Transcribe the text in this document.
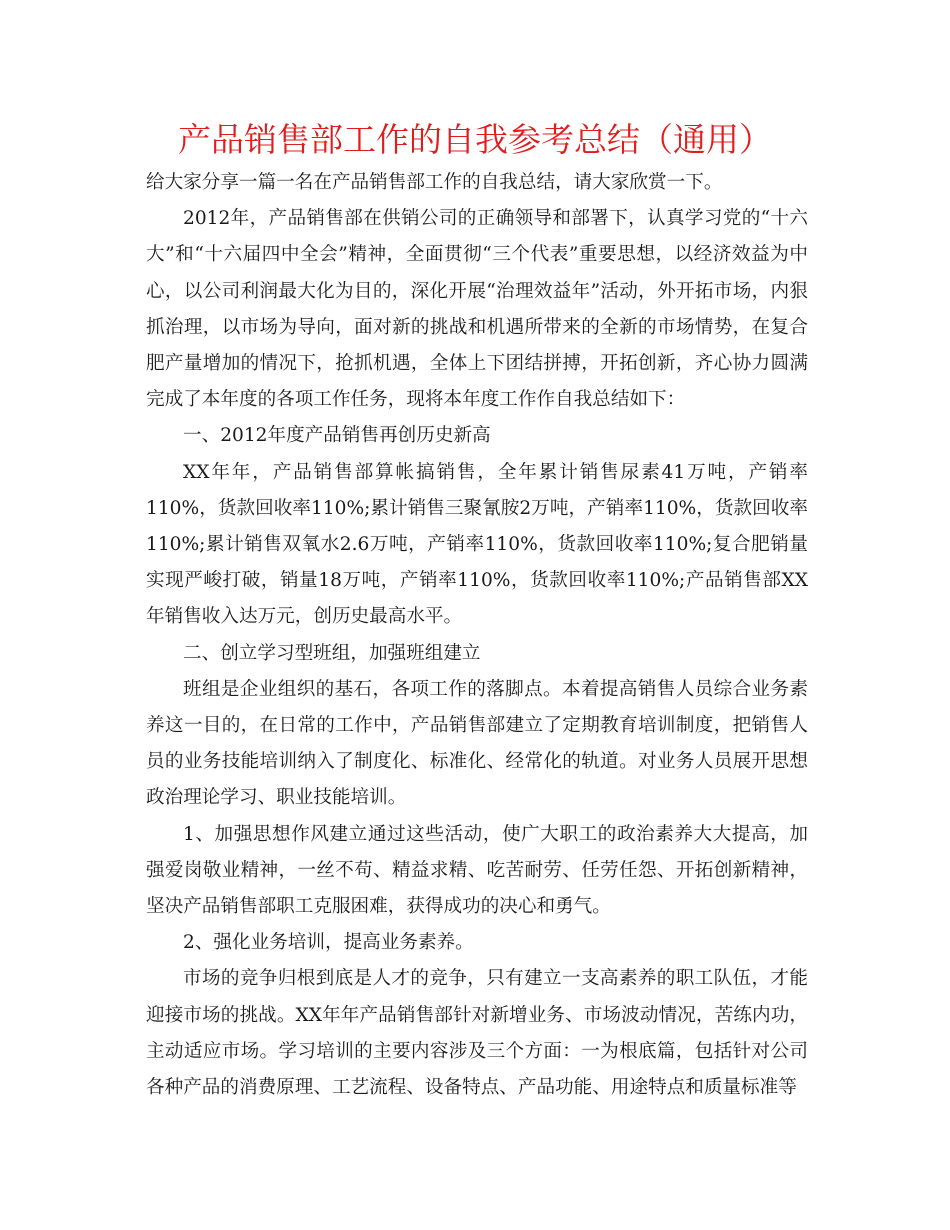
产品销售部工作的自我参考总结（通用）

给大家分享一篇一名在产品销售部工作的自我总结，请大家欣赏一下。

2012年，产品销售部在供销公司的正确领导和部署下，认真学习党的“十六大”和“十六届四中全会”精神，全面贯彻“三个代表”重要思想，以经济效益为中心，以公司利润最大化为目的，深化开展“治理效益年”活动，外开拓市场，内狠抓治理，以市场为导向，面对新的挑战和机遇所带来的全新的市场情势，在复合肥产量增加的情况下，抢抓机遇，全体上下团结拼搏，开拓创新，齐心协力圆满完成了本年度的各项工作任务，现将本年度工作作自我总结如下：

一、2012年度产品销售再创历史新高

XX年年，产品销售部算帐搞销售，全年累计销售尿素41万吨，产销率110%，货款回收率110%;累计销售三聚氰胺2万吨，产销率110%，货款回收率110%;累计销售双氧水2.6万吨，产销率110%，货款回收率110%;复合肥销量实现严峻打破，销量18万吨，产销率110%，货款回收率110%;产品销售部XX年销售收入达万元，创历史最高水平。

二、创立学习型班组，加强班组建立

班组是企业组织的基石，各项工作的落脚点。本着提高销售人员综合业务素养这一目的，在日常的工作中，产品销售部建立了定期教育培训制度，把销售人员的业务技能培训纳入了制度化、标准化、经常化的轨道。对业务人员展开思想政治理论学习、职业技能培训。

1、加强思想作风建立通过这些活动，使广大职工的政治素养大大提高，加强爱岗敬业精神，一丝不苟、精益求精、吃苦耐劳、任劳任怨、开拓创新精神，坚决产品销售部职工克服困难，获得成功的决心和勇气。

2、强化业务培训，提高业务素养。

市场的竞争归根到底是人才的竞争，只有建立一支高素养的职工队伍，才能迎接市场的挑战。XX年年产品销售部针对新增业务、市场波动情况，苦练内功，主动适应市场。学习培训的主要内容涉及三个方面：一为根底篇，包括针对公司各种产品的消费原理、工艺流程、设备特点、产品功能、用途特点和质量标准等
